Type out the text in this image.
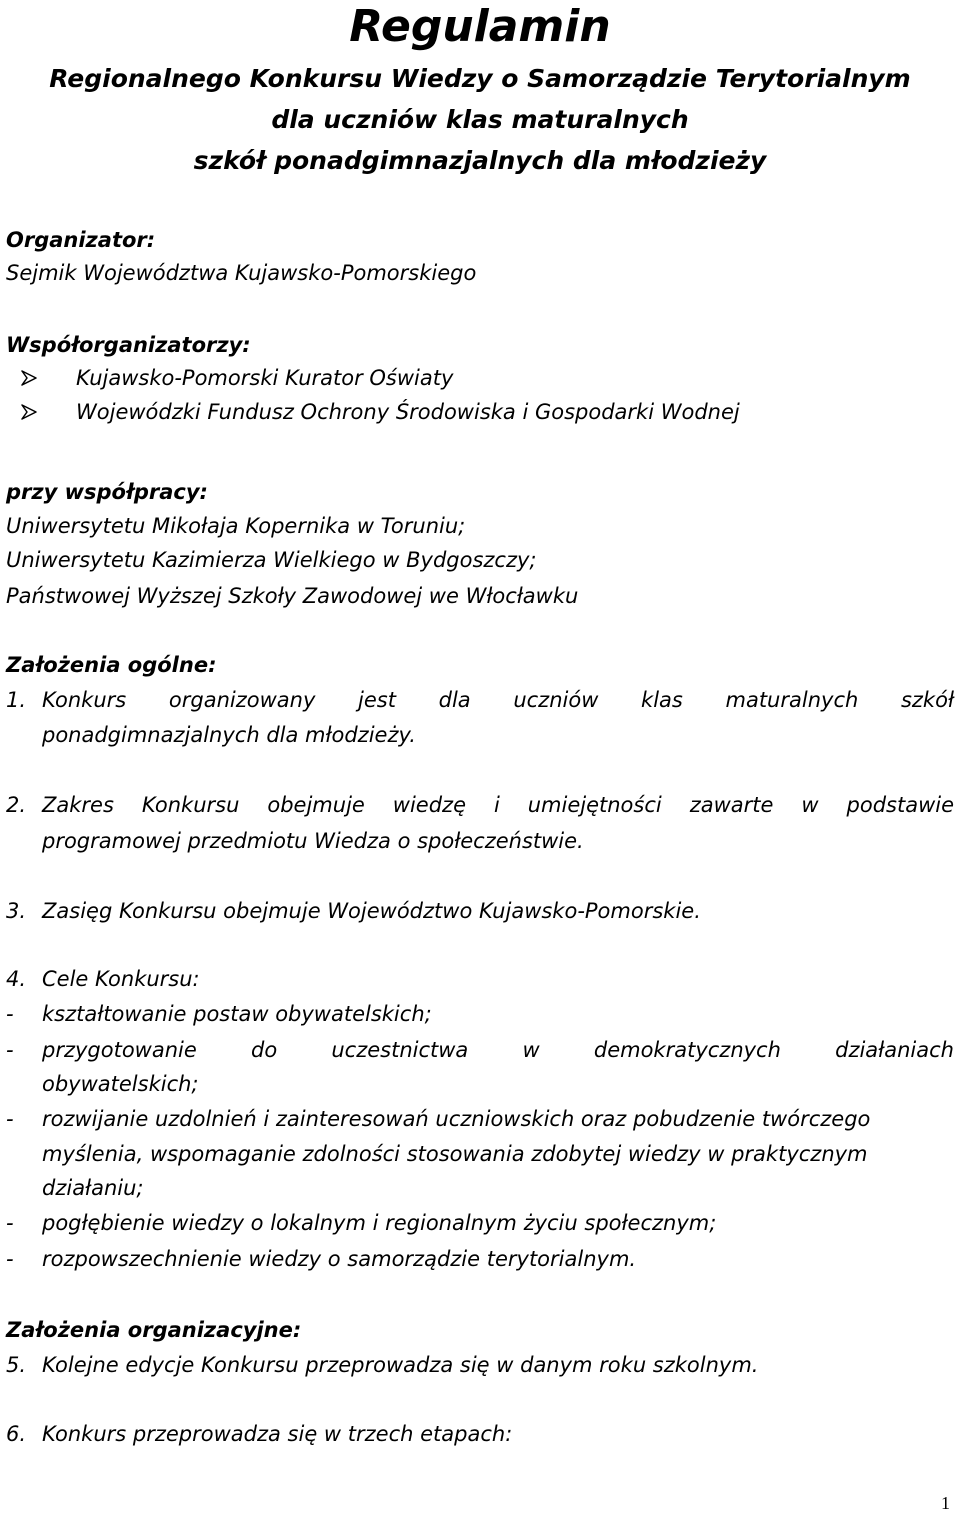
Regulamin
Regionalnego Konkursu Wiedzy o Samorządzie Terytorialnym
dla uczniów klas maturalnych
szkół ponadgimnazjalnych dla młodzieży
Organizator:
Sejmik Województwa Kujawsko-Pomorskiego
Współorganizatorzy:
Kujawsko-Pomorski Kurator Oświaty
Wojewódzki Fundusz Ochrony Środowiska i Gospodarki Wodnej
przy współpracy:
Uniwersytetu Mikołaja Kopernika w Toruniu;
Uniwersytetu Kazimierza Wielkiego w Bydgoszczy;
Państwowej Wyższej Szkoły Zawodowej we Włocławku
Założenia ogólne:
1. Konkurs organizowany jest dla uczniów klas maturalnych szkół
ponadgimnazjalnych dla młodzieży.
2. Zakres Konkursu obejmuje wiedzę i umiejętności zawarte w podstawie
programowej przedmiotu Wiedza o społeczeństwie.
3. Zasięg Konkursu obejmuje Województwo Kujawsko-Pomorskie.
4. Cele Konkursu:
-	kształtowanie postaw obywatelskich;
-	przygotowanie	do	uczestnictwa	w	demokratycznych	działaniach
obywatelskich;
-	rozwijanie uzdolnień i zainteresowań uczniowskich oraz pobudzenie twórczego
myślenia, wspomaganie zdolności stosowania zdobytej wiedzy w praktycznym
działaniu;
-	pogłębienie wiedzy o lokalnym i regionalnym życiu społecznym;
-	rozpowszechnienie wiedzy o samorządzie terytorialnym.
Założenia organizacyjne:
5. Kolejne edycje Konkursu przeprowadza się w danym roku szkolnym.
6. Konkurs przeprowadza się w trzech etapach:
1
